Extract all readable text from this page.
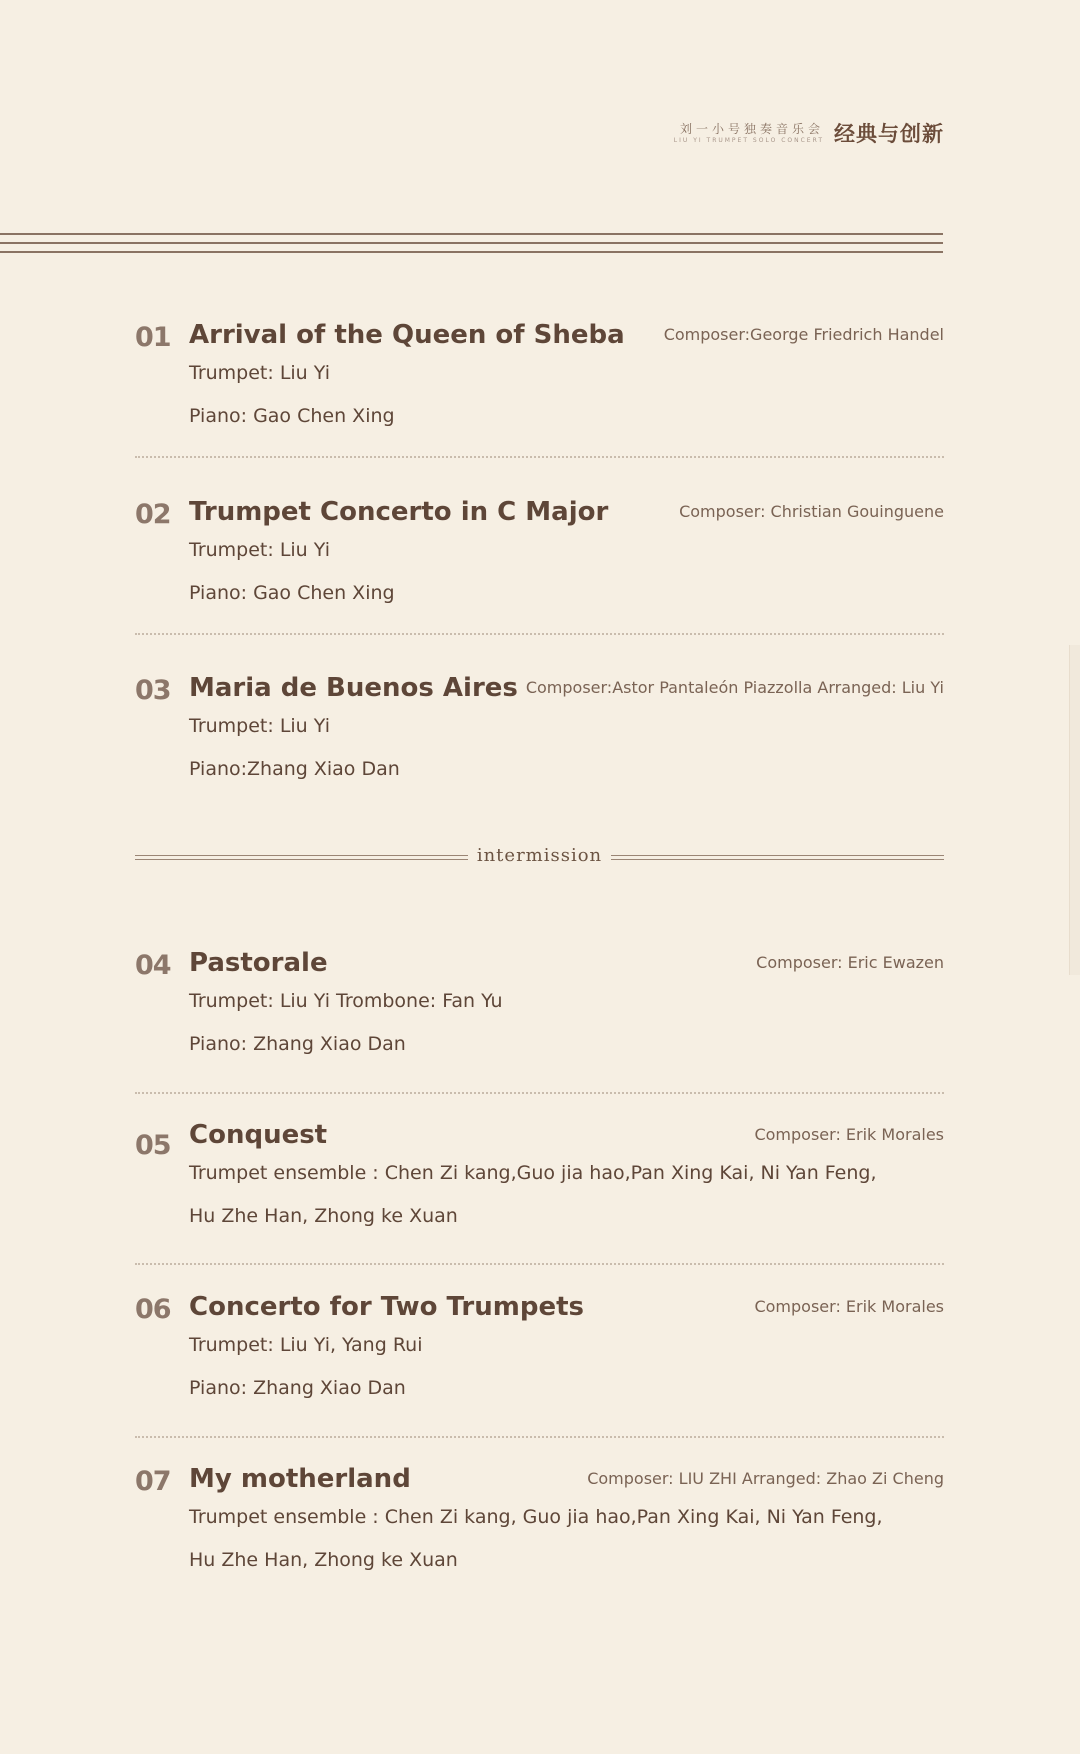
刘一小号独奏音乐会
LIU YI TRUMPET SOLO CONCERT 经典与创新
01 Arrival of the Queen of Sheba Composer:George Friedrich Handel
Trumpet: Liu Yi
Piano: Gao Chen Xing
02 Trumpet Concerto in C Major	Composer: Christian Gouinguene
Trumpet: Liu Yi
Piano: Gao Chen Xing
03 Maria de Buenos Aires Composer:Astor Pantaleón Piazzolla Arranged: Liu Yi
Trumpet: Liu Yi
Piano:Zhang Xiao Dan
intermission
04 Pastorale	Composer: Eric Ewazen
Trumpet: Liu Yi Trombone: Fan Yu
Piano: Zhang Xiao Dan
05 Conquest	Composer: Erik Morales
Trumpet ensemble : Chen Zi kang,Guo jia hao,Pan Xing Kai, Ni Yan Feng,
Hu Zhe Han, Zhong ke Xuan
06 Concerto for Two Trumpets	Composer: Erik Morales
Trumpet: Liu Yi, Yang Rui
Piano: Zhang Xiao Dan
07 My motherland	Composer: LIU ZHI Arranged: Zhao Zi Cheng
Trumpet ensemble : Chen Zi kang, Guo jia hao,Pan Xing Kai, Ni Yan Feng,
Hu Zhe Han, Zhong ke Xuan
